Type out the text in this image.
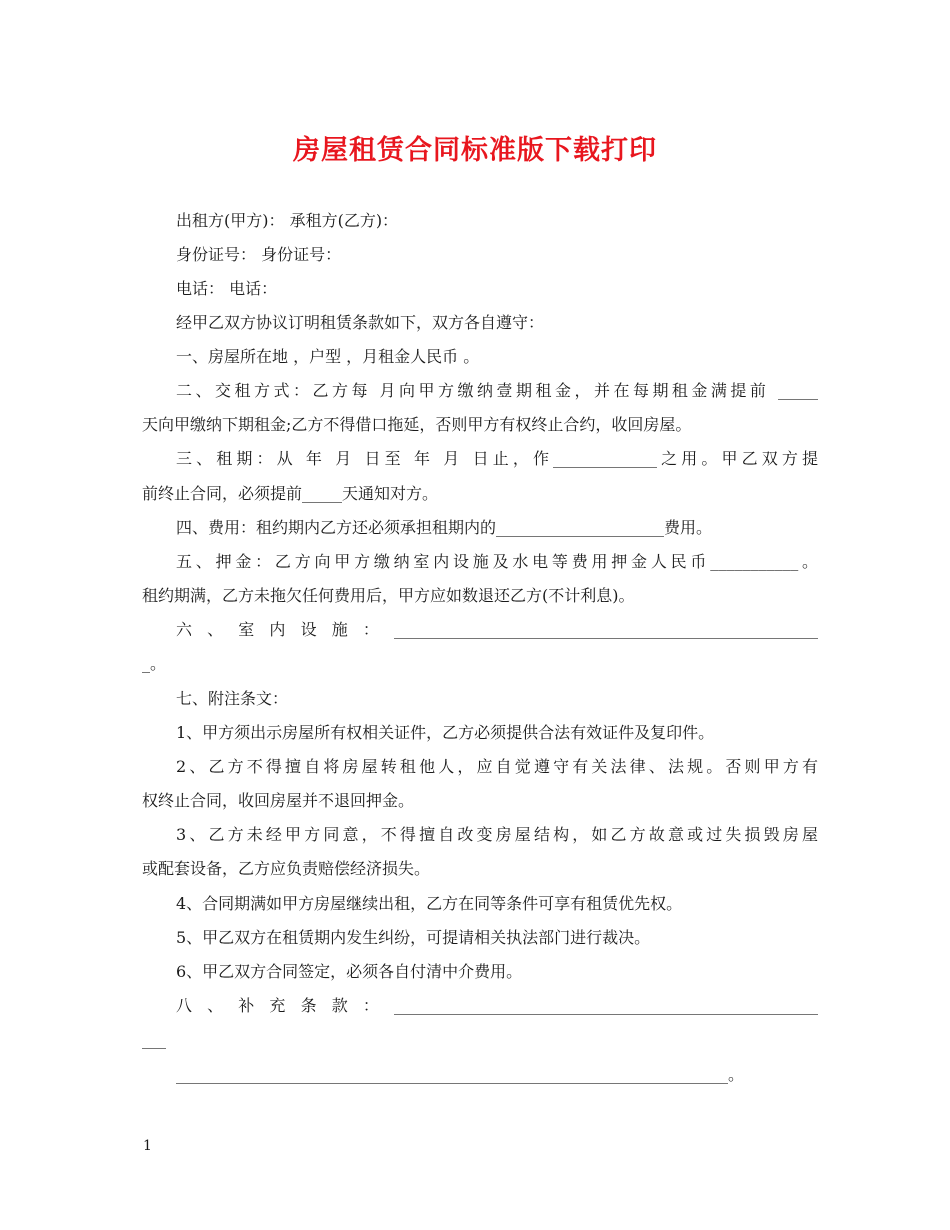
房屋租赁合同标准版下载打印
出租方(甲方)： 承租方(乙方)：
身份证号： 身份证号：
电话： 电话：
经甲乙双方协议订明租赁条款如下，双方各自遵守：
一、房屋所在地 ，户型 ，月租金人民币 。
二、交租方式：乙方每 月向甲方缴纳壹期租金，并在每期租金满提前 _____
天向甲缴纳下期租金;乙方不得借口拖延，否则甲方有权终止合约，收回房屋。
三、租期：从 年 月 日至 年 月 日止，作_____________之用。甲乙双方提
前终止合同，必须提前_____天通知对方。
四、费用：租约期内乙方还必须承担租期内的_____________________费用。
五、押金：乙方向甲方缴纳室内设施及水电等费用押金人民币___________。
租约期满，乙方未拖欠任何费用后，甲方应如数退还乙方(不计利息)。
六、室内设施：_____________________________________________________
_。
七、附注条文：
1、甲方须出示房屋所有权相关证件，乙方必须提供合法有效证件及复印件。
2、乙方不得擅自将房屋转租他人，应自觉遵守有关法律、法规。否则甲方有
权终止合同，收回房屋并不退回押金。
3、乙方未经甲方同意，不得擅自改变房屋结构，如乙方故意或过失损毁房屋
或配套设备，乙方应负责赔偿经济损失。
4、合同期满如甲方房屋继续出租，乙方在同等条件可享有租赁优先权。
5、甲乙双方在租赁期内发生纠纷，可提请相关执法部门进行裁决。
6、甲乙双方合同签定，必须各自付清中介费用。
八、补充条款：_____________________________________________________
___
_____________________________________________________________________。
1
